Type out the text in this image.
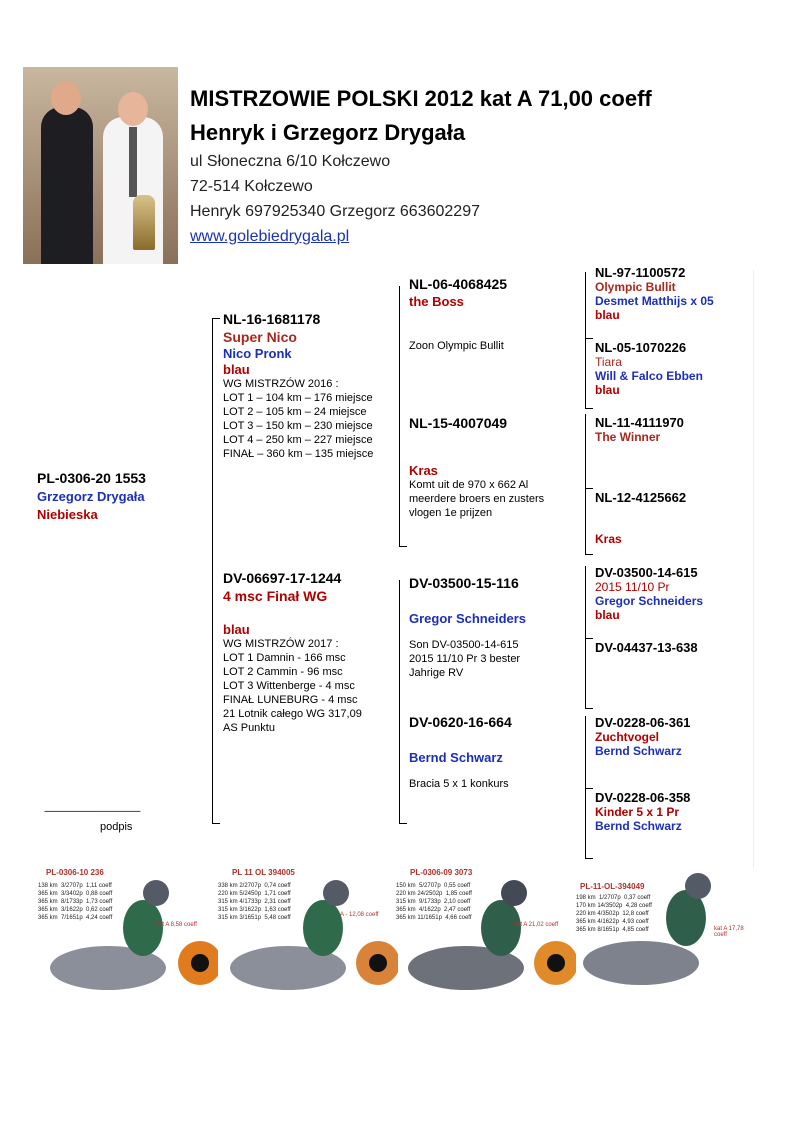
MISTRZOWIE POLSKI 2012 kat A 71,00 coeff
Henryk i Grzegorz Drygała
ul Słoneczna 6/10 Kołczewo
72-514 Kołczewo
Henryk 697925340 Grzegorz 663602297
www.golebiedrygala.pl
PL-0306-20 1553
Grzegorz Drygała
Niebieska
------------------------------------------------
podpis
NL-16-1681178
Super Nico
Nico Pronk
blau
WG MISTRZÓW 2016 :
LOT 1 – 104 km – 176 miejsce
LOT 2 – 105 km – 24 miejsce
LOT 3 – 150 km – 230 miejsce
LOT 4 – 250 km – 227 miejsce
FINAŁ – 360 km – 135 miejsce
DV-06697-17-1244
4 msc Finał WG
blau
WG MISTRZÓW 2017 :
LOT 1 Damnin - 166 msc
LOT 2 Cammin - 96 msc
LOT 3 Wittenberge - 4 msc
FINAŁ LUNEBURG - 4 msc
21 Lotnik całego WG 317,09
AS Punktu
NL-06-4068425
the Boss
Zoon Olympic Bullit
NL-15-4007049
Kras
Komt uit de 970 x 662 Al
meerdere broers en zusters
vlogen 1e prijzen
DV-03500-15-116
Gregor Schneiders
Son DV-03500-14-615
2015 11/10 Pr 3 bester
Jahrige RV
DV-0620-16-664
Bernd Schwarz
Bracia 5 x 1 konkurs
NL-97-1100572
Olympic Bullit
Desmet Matthijs x 05
blau
NL-05-1070226
Tiara
Will & Falco Ebben
blau
NL-11-4111970
The Winner
NL-12-4125662
Kras
DV-03500-14-615
2015 11/10 Pr
Gregor Schneiders
blau
DV-04437-13-638
DV-0228-06-361
Zuchtvogel
Bernd Schwarz
DV-0228-06-358
Kinder 5 x 1 Pr
Bernd Schwarz
PL-0306-10 236
138 km  3/2707p  1,11 coeff
365 km  3/3402p  0,88 coeff
365 km  8/1733p  1,73 coeff
365 km  3/1622p  0,62 coeff
365 km  7/1651p  4,24 coeff
kat A 8,58 coeff
PL 11 OL 394005
338 km 2/2707p  0,74 coeff
220 km 5/2450p  1,71 coeff
315 km 4/1733p  2,31 coeff
315 km 3/1622p  1,63 coeff
315 km 3/1651p  5,48 coeff	A - 12,08 coeff
PL-0306-09 3073
150 km  5/2707p  0,55 coeff
220 km 24/2502p  1,85 coeff
315 km  9/1733p  2,10 coeff
365 km  4/1622p  2,47 coeff
365 km 11/1651p  4,66 coeff
kat A 21,02 coeff
PL-11-OL-394049
198 km  1/2707p  0,37 coeff
170 km 14/3502p  4,28 coeff
220 km 4/3502p  12,8 coeff
365 km 4/1622p  4,93 coeff
365 km 8/1651p  4,85 coeff	kat A 17,78 coeff
